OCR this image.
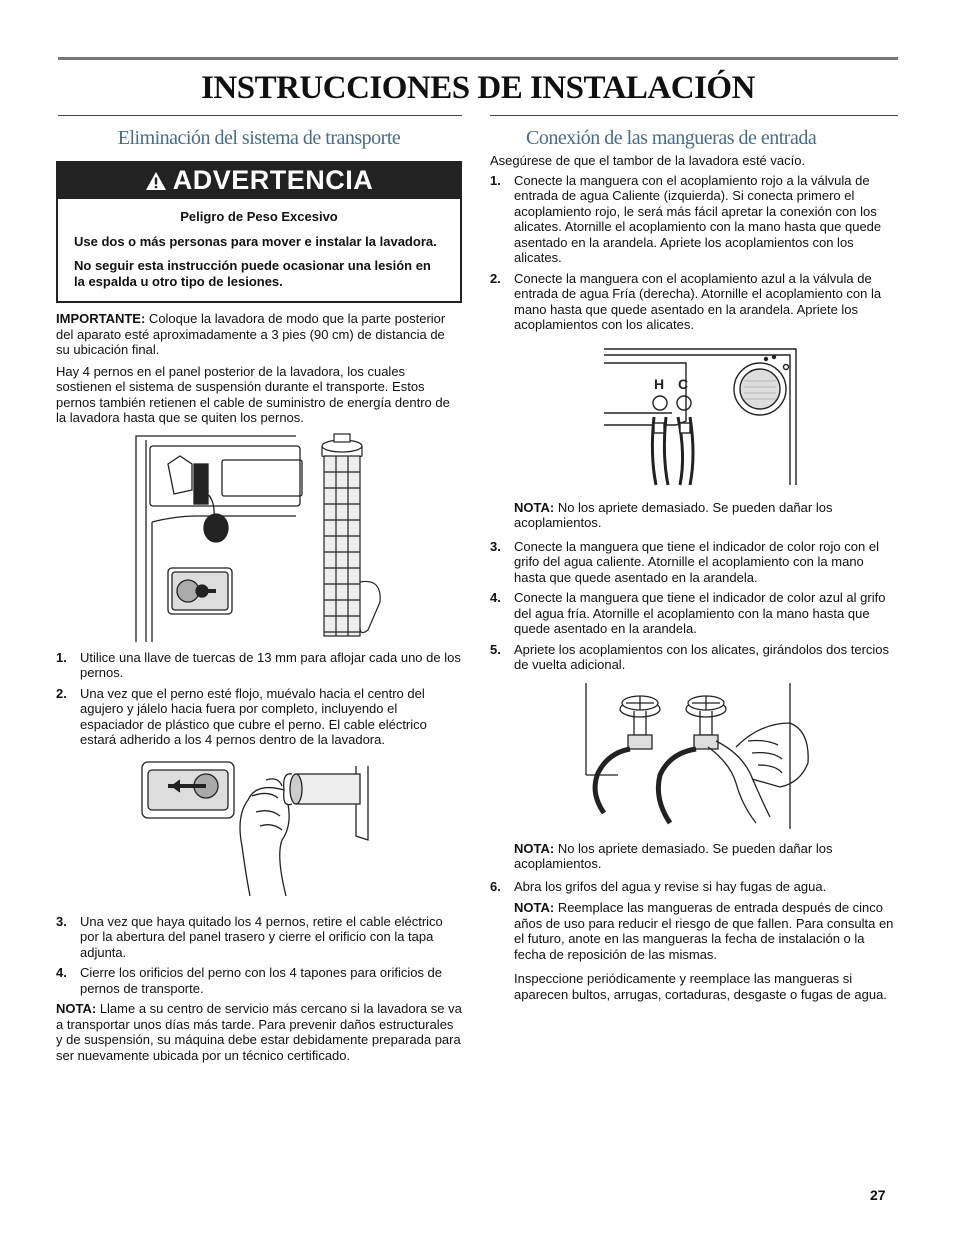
INSTRUCCIONES DE INSTALACIÓN
Eliminación del sistema de transporte
ADVERTENCIA

Peligro de Peso Excesivo

Use dos o más personas para mover e instalar la lavadora.

No seguir esta instrucción puede ocasionar una lesión en la espalda u otro tipo de lesiones.

IMPORTANTE: Coloque la lavadora de modo que la parte posterior del aparato esté aproximadamente a 3 pies (90 cm) de distancia de su ubicación final.

Hay 4 pernos en el panel posterior de la lavadora, los cuales sostienen el sistema de suspensión durante el transporte. Estos pernos también retienen el cable de suministro de energía dentro de la lavadora hasta que se quiten los pernos.

1. Utilice una llave de tuercas de 13 mm para aflojar cada uno de los pernos.
2. Una vez que el perno esté flojo, muévalo hacia el centro del agujero y jálelo hacia fuera por completo, incluyendo el espaciador de plástico que cubre el perno. El cable eléctrico estará adherido a los 4 pernos dentro de la lavadora.
3. Una vez que haya quitado los 4 pernos, retire el cable eléctrico por la abertura del panel trasero y cierre el orificio con la tapa adjunta.
4. Cierre los orificios del perno con los 4 tapones para orificios de pernos de transporte.

NOTA: Llame a su centro de servicio más cercano si la lavadora se va a transportar unos días más tarde. Para prevenir daños estructurales y de suspensión, su máquina debe estar debidamente preparada para ser nuevamente ubicada por un técnico certificado.

Conexión de las mangueras de entrada

Asegúrese de que el tambor de la lavadora esté vacío.

1. Conecte la manguera con el acoplamiento rojo a la válvula de entrada de agua Caliente (izquierda). Si conecta primero el acoplamiento rojo, le será más fácil apretar la conexión con los alicates. Atornille el acoplamiento con la mano hasta que quede asentado en la arandela. Apriete los acoplamientos con los alicates.
2. Conecte la manguera con el acoplamiento azul a la válvula de entrada de agua Fría (derecha). Atornille el acoplamiento con la mano hasta que quede asentado en la arandela. Apriete los acoplamientos con los alicates.
H C

NOTA: No los apriete demasiado. Se pueden dañar los acoplamientos.

3. Conecte la manguera que tiene el indicador de color rojo con el grifo del agua caliente. Atornille el acoplamiento con la mano hasta que quede asentado en la arandela.
4. Conecte la manguera que tiene el indicador de color azul al grifo del agua fría. Atornille el acoplamiento con la mano hasta que quede asentado en la arandela.
5. Apriete los acoplamientos con los alicates, girándolos dos tercios de vuelta adicional.

NOTA: No los apriete demasiado. Se pueden dañar los acoplamientos.

6. Abra los grifos del agua y revise si hay fugas de agua.

NOTA: Reemplace las mangueras de entrada después de cinco años de uso para reducir el riesgo de que fallen. Para consulta en el futuro, anote en las mangueras la fecha de instalación o la fecha de reposición de las mismas.

Inspeccione periódicamente y reemplace las mangueras si aparecen bultos, arrugas, cortaduras, desgaste o fugas de agua.

27
